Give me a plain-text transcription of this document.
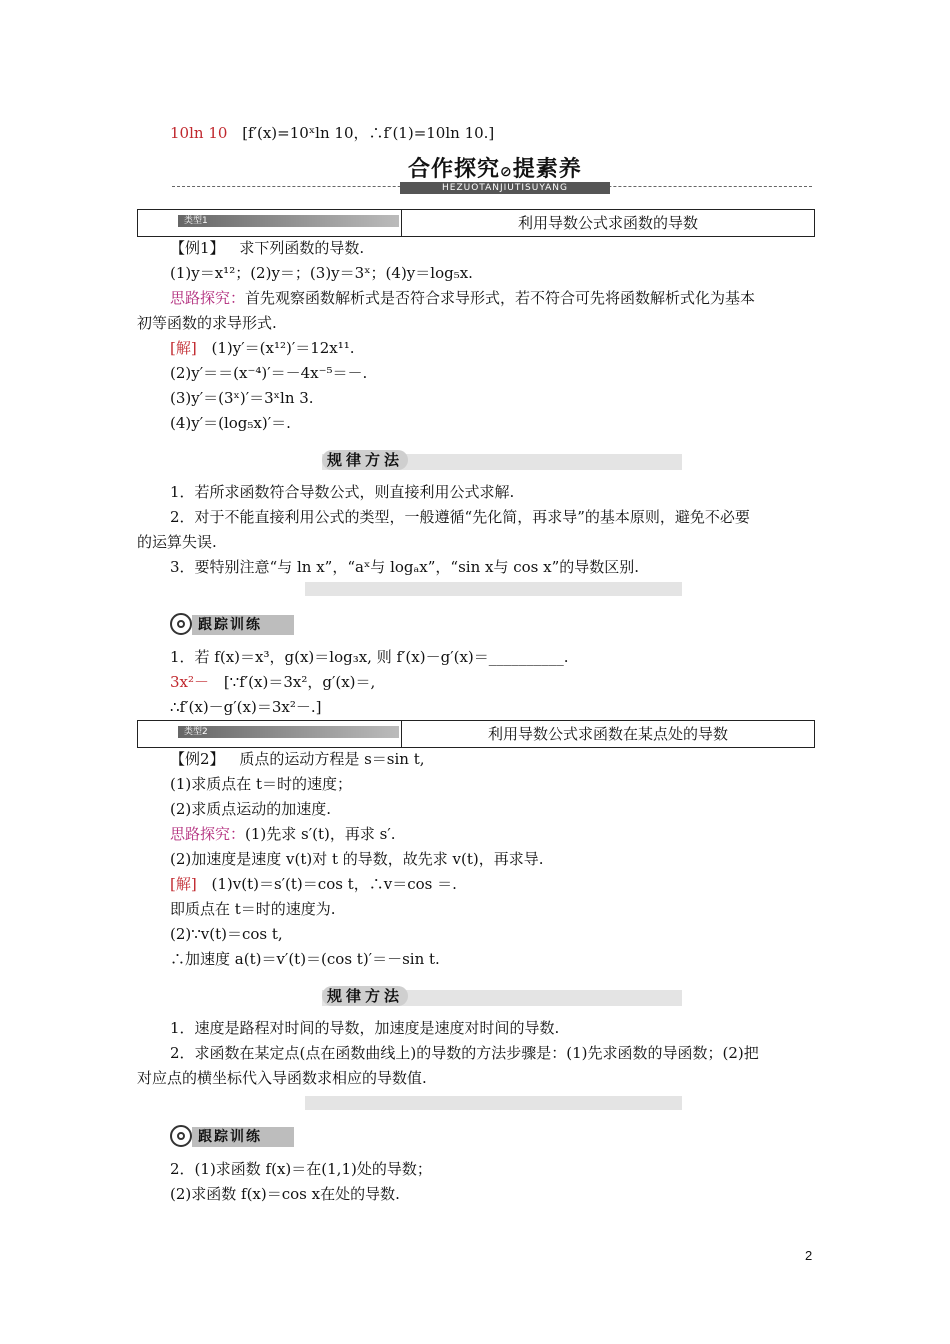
10ln 10 [f′(x)=10ˣln 10，∴f′(1)=10ln 10.]
合作探究⊘提素养
HEZUOTANJIUTISUYANG
类型1	利用导数公式求函数的导数
【例1】 求下列函数的导数.
(1)y＝x¹²；(2)y＝；(3)y＝3ˣ；(4)y＝log₅x.
思路探究：首先观察函数解析式是否符合求导形式，若不符合可先将函数解析式化为基本
初等函数的求导形式.
[解] (1)y′＝(x¹²)′＝12x¹¹.
(2)y′＝＝(x⁻⁴)′＝－4x⁻⁵＝－.
(3)y′＝(3ˣ)′＝3ˣln 3.
(4)y′＝(log₅x)′＝.
规律方法
1．若所求函数符合导数公式，则直接利用公式求解.
2．对于不能直接利用公式的类型，一般遵循“先化简，再求导”的基本原则，避免不必要
的运算失误.
3．要特别注意“与 ln x”，“aˣ与 logₐx”，“sin x与 cos x”的导数区别.
跟踪训练
1．若 f(x)＝x³，g(x)＝log₃x, 则 f′(x)－g′(x)＝__________.
3x²－ [∵f′(x)＝3x²，g′(x)＝,
∴f′(x)－g′(x)＝3x²－.]
类型2	利用导数公式求函数在某点处的导数
【例2】 质点的运动方程是 s＝sin t,
(1)求质点在 t＝时的速度；
(2)求质点运动的加速度.
思路探究：(1)先求 s′(t)，再求 s′.
(2)加速度是速度 v(t)对 t 的导数，故先求 v(t)，再求导.
[解] (1)v(t)＝s′(t)＝cos t，∴v＝cos ＝.
即质点在 t＝时的速度为.
(2)∵v(t)＝cos t,
∴加速度 a(t)＝v′(t)＝(cos t)′＝－sin t.
规律方法
1．速度是路程对时间的导数，加速度是速度对时间的导数.
2．求函数在某定点(点在函数曲线上)的导数的方法步骤是：(1)先求函数的导函数；(2)把
对应点的横坐标代入导函数求相应的导数值.
跟踪训练
2．(1)求函数 f(x)＝在(1,1)处的导数；
(2)求函数 f(x)＝cos x在处的导数.
2
